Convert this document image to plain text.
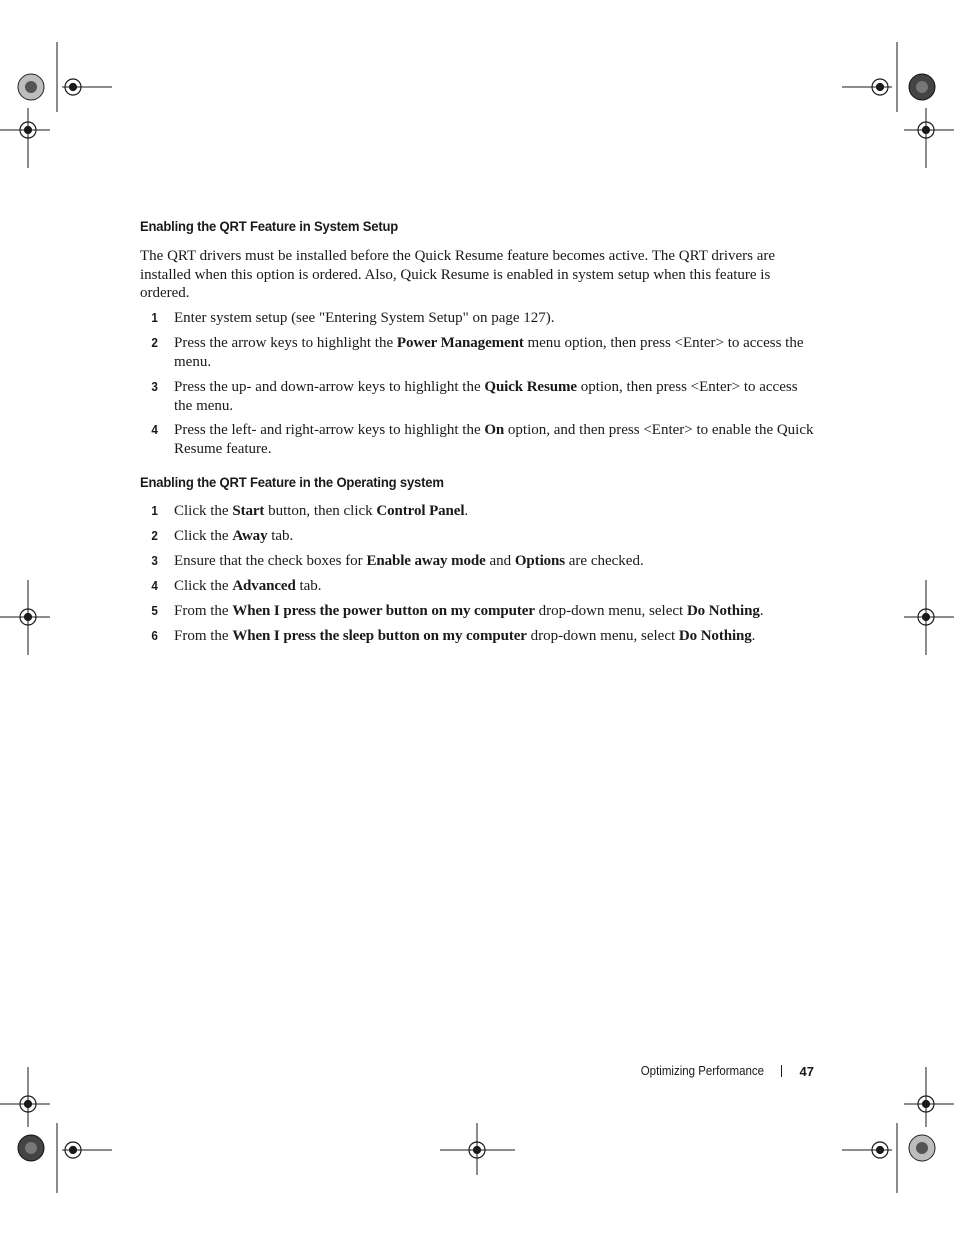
Enabling the QRT Feature in System Setup

The QRT drivers must be installed before the Quick Resume feature becomes active. The QRT drivers are installed when this option is ordered. Also, Quick Resume is enabled in system setup when this feature is ordered.

1 Enter system setup (see "Entering System Setup" on page 127).
2 Press the arrow keys to highlight the Power Management menu option, then press <Enter> to access the menu.
3 Press the up- and down-arrow keys to highlight the Quick Resume option, then press <Enter> to access the menu.
4 Press the left- and right-arrow keys to highlight the On option, and then press <Enter> to enable the Quick Resume feature.
Enabling the QRT Feature in the Operating system
1 Click the Start button, then click Control Panel.
2 Click the Away tab.
3 Ensure that the check boxes for Enable away mode and Options are checked.
4 Click the Advanced tab.
5 From the When I press the power button on my computer drop-down menu, select Do Nothing.
6 From the When I press the sleep button on my computer drop-down menu, select Do Nothing.
Optimizing Performance	47
